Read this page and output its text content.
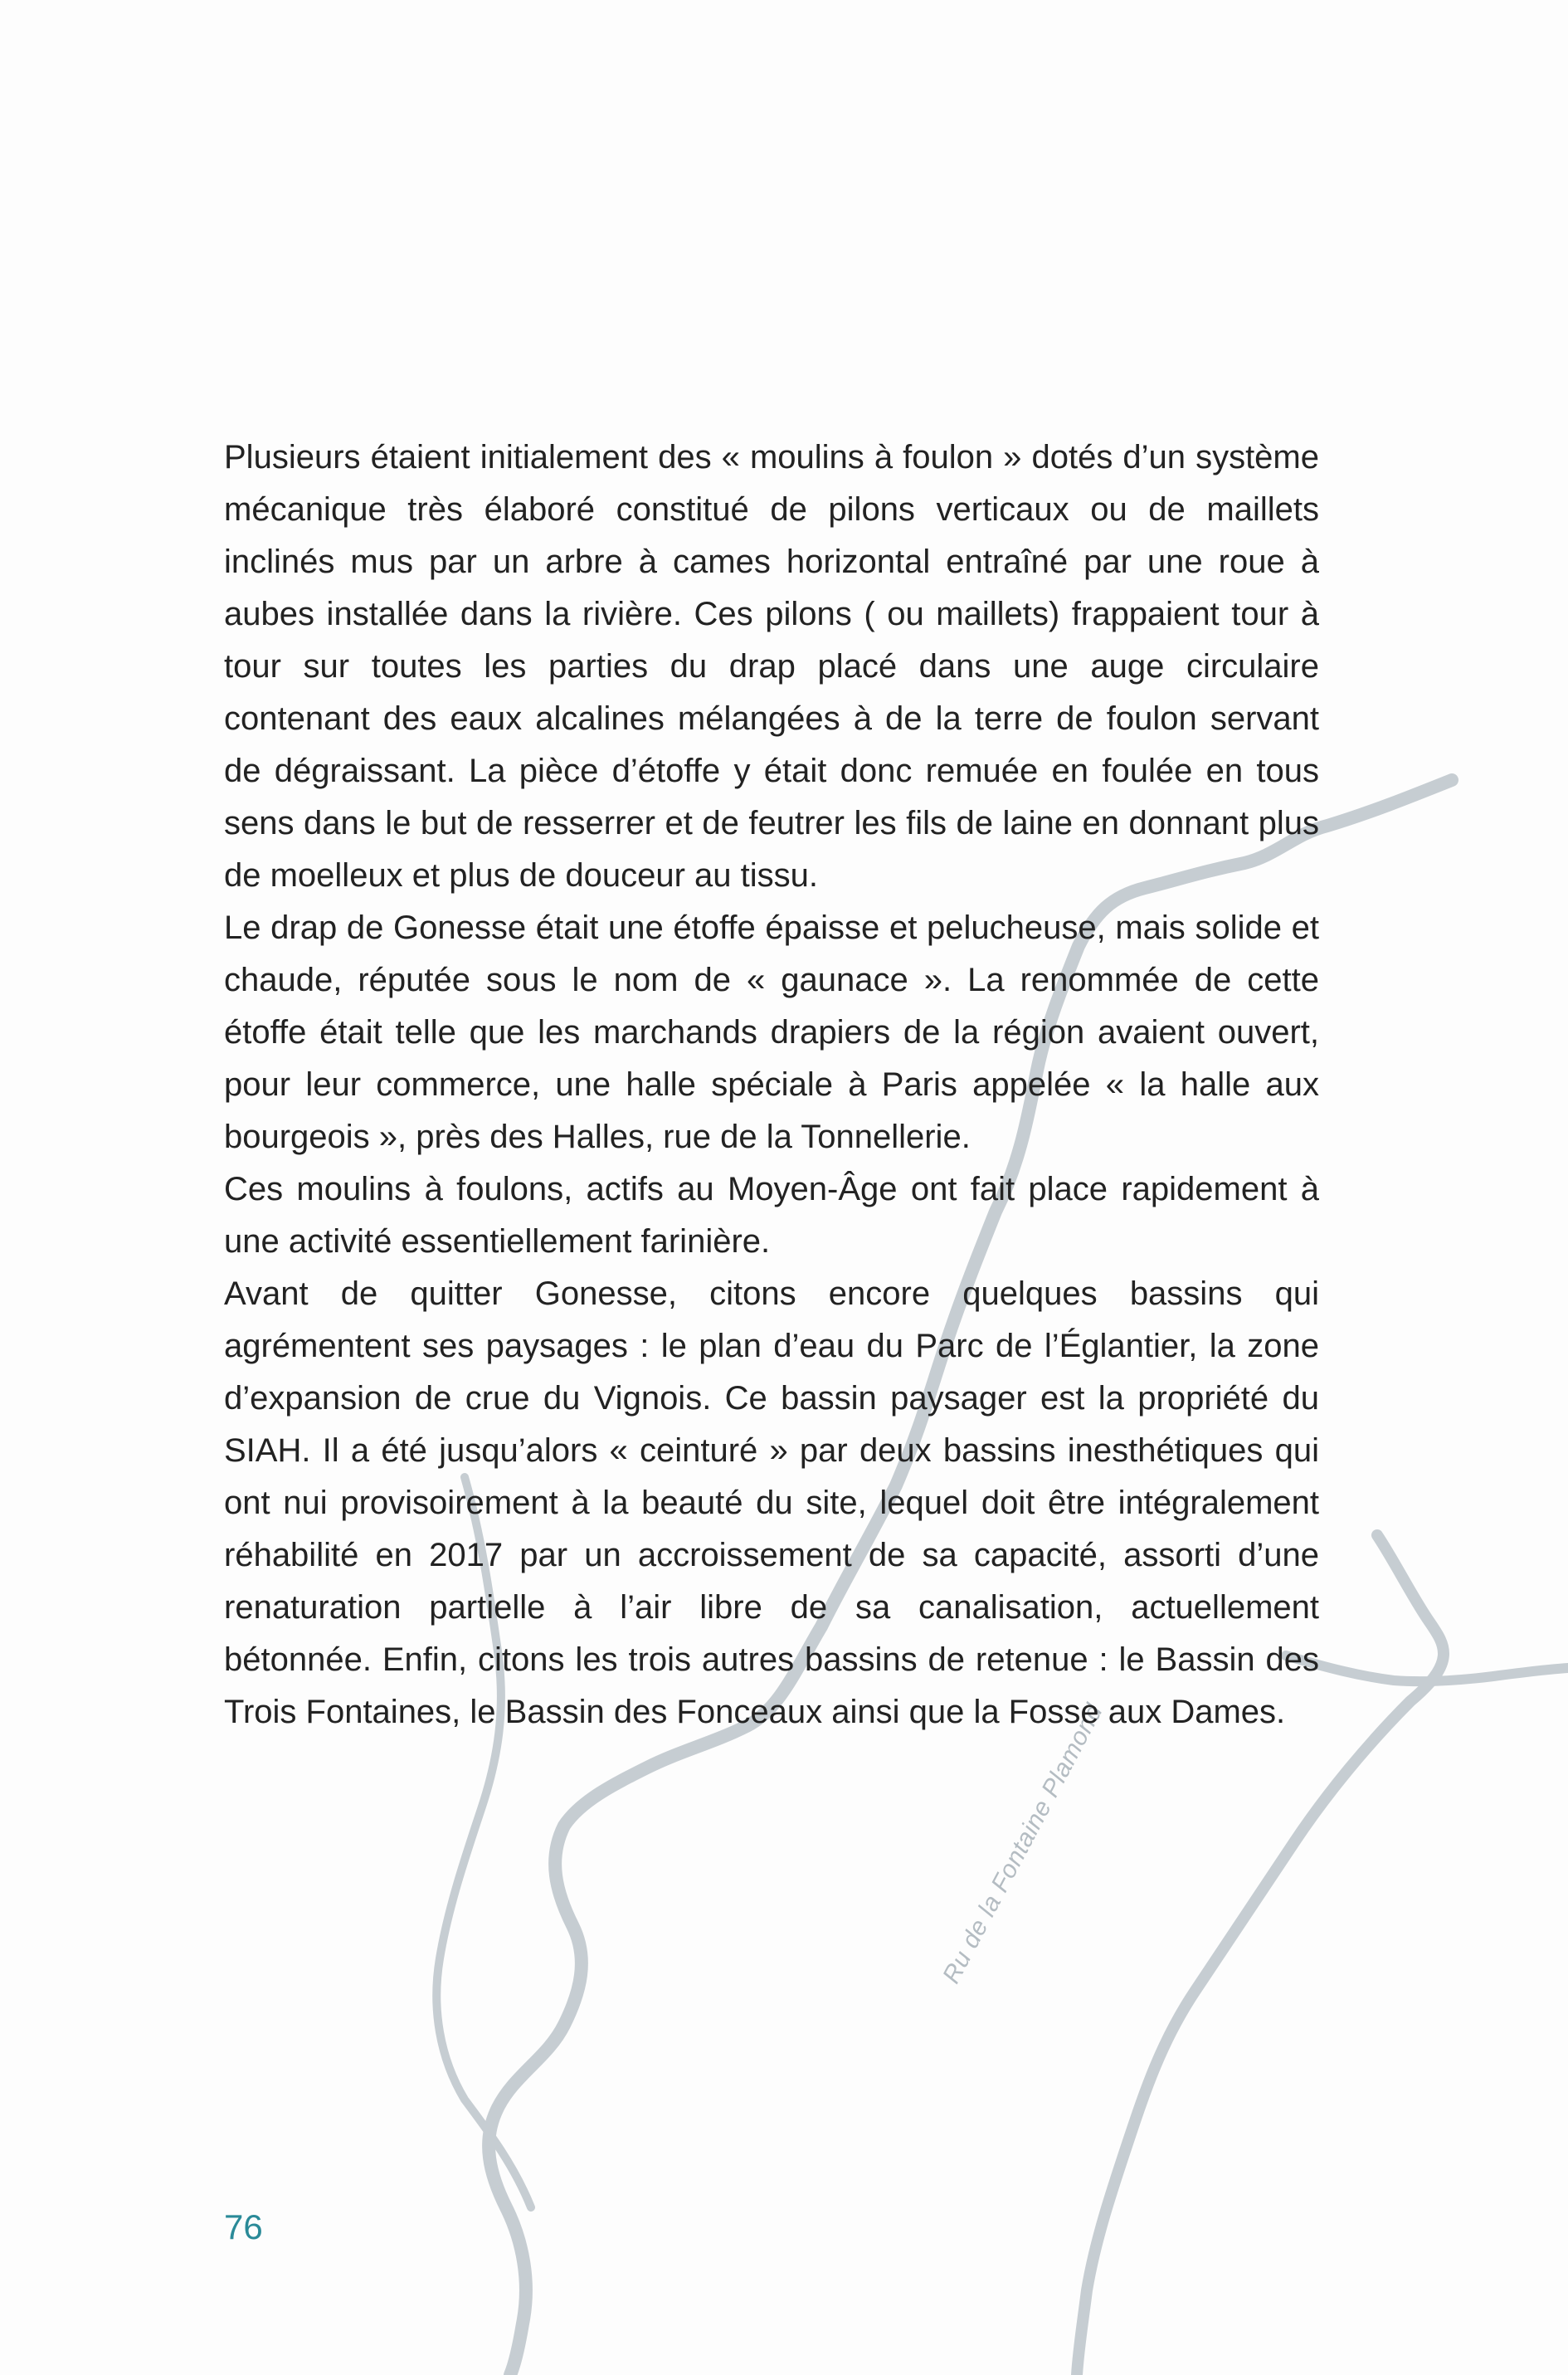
Ru de la Fontaine Plamond

Plusieurs étaient initialement des « moulins à foulon » dotés d’un système mécanique très élaboré constitué de pilons verticaux ou de maillets inclinés mus par un arbre à cames horizontal entraîné par une roue à aubes installée dans la rivière. Ces pilons ( ou maillets) frappaient tour à tour sur toutes les parties du drap placé dans une auge circulaire contenant des eaux alcalines mélangées à de la terre de foulon servant de dégraissant. La pièce d’étoffe y était donc remuée en foulée en tous sens dans le but de resserrer et de feutrer les fils de laine en donnant plus de moelleux et plus de douceur au tissu.

Le drap de Gonesse était une étoffe épaisse et pelucheuse, mais solide et chaude, réputée sous le nom de « gaunace ». La renommée de cette étoffe était telle que les marchands drapiers de la région avaient ouvert, pour leur commerce, une halle spéciale à Paris appelée « la halle aux bourgeois », près des Halles, rue de la Tonnellerie.

Ces moulins à foulons, actifs au Moyen-Âge ont fait place rapidement à une activité essentiellement farinière.

Avant de quitter Gonesse, citons encore quelques bassins qui agrémentent ses paysages : le plan d’eau du Parc de l’Églantier, la zone d’expansion de crue du Vignois. Ce bassin paysager est la propriété du SIAH. Il a été jusqu’alors « ceinturé » par deux bassins inesthétiques qui ont nui provisoirement à la beauté du site, lequel doit être intégralement réhabilité en 2017 par un accroissement de sa capacité, assorti d’une renaturation partielle à l’air libre de sa canalisation, actuellement bétonnée. Enfin, citons les trois autres bassins de retenue : le Bassin des Trois Fontaines, le Bassin des Fonceaux ainsi que la Fosse aux Dames.

76
